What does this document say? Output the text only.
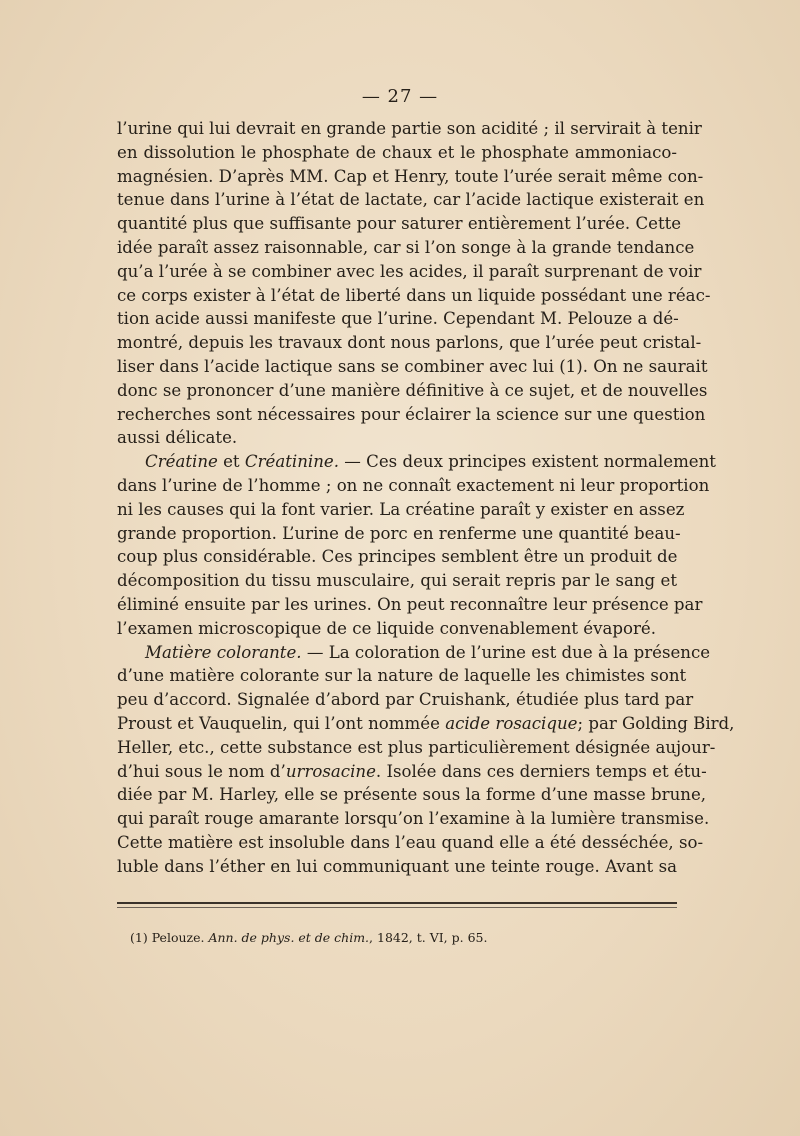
— 27 —
l’urine qui lui devrait en grande partie son acidité ; il servirait à tenir
en dissolution le phosphate de chaux et le phosphate ammoniaco-
magnésien. D’après MM. Cap et Henry, toute l’urée serait même con-
tenue dans l’urine à l’état de lactate, car l’acide lactique existerait en
quantité plus que suffisante pour saturer entièrement l’urée. Cette
idée paraît assez raisonnable, car si l’on songe à la grande tendance
qu’a l’urée à se combiner avec les acides, il paraît surprenant de voir
ce corps exister à l’état de liberté dans un liquide possédant une réac-
tion acide aussi manifeste que l’urine. Cependant M. Pelouze a dé-
montré, depuis les travaux dont nous parlons, que l’urée peut cristal-
liser dans l’acide lactique sans se combiner avec lui (1). On ne saurait
donc se prononcer d’une manière définitive à ce sujet, et de nouvelles
recherches sont nécessaires pour éclairer la science sur une question
aussi délicate.
Créatine et Créatinine. — Ces deux principes existent normalement
dans l’urine de l’homme ; on ne connaît exactement ni leur proportion
ni les causes qui la font varier. La créatine paraît y exister en assez
grande proportion. L’urine de porc en renferme une quantité beau-
coup plus considérable. Ces principes semblent être un produit de
décomposition du tissu musculaire, qui serait repris par le sang et
éliminé ensuite par les urines. On peut reconnaître leur présence par
l’examen microscopique de ce liquide convenablement évaporé.
Matière colorante. — La coloration de l’urine est due à la présence
d’une matière colorante sur la nature de laquelle les chimistes sont
peu d’accord. Signalée d’abord par Cruishank, étudiée plus tard par
Proust et Vauquelin, qui l’ont nommée acide rosacique; par Golding Bird,
Heller, etc., cette substance est plus particulièrement désignée aujour-
d’hui sous le nom d’urrosacine. Isolée dans ces derniers temps et étu-
diée par M. Harley, elle se présente sous la forme d’une masse brune,
qui paraît rouge amarante lorsqu’on l’examine à la lumière transmise.
Cette matière est insoluble dans l’eau quand elle a été desséchée, so-
luble dans l’éther en lui communiquant une teinte rouge. Avant sa
(1) Pelouze. Ann. de phys. et de chim., 1842, t. VI, p. 65.
